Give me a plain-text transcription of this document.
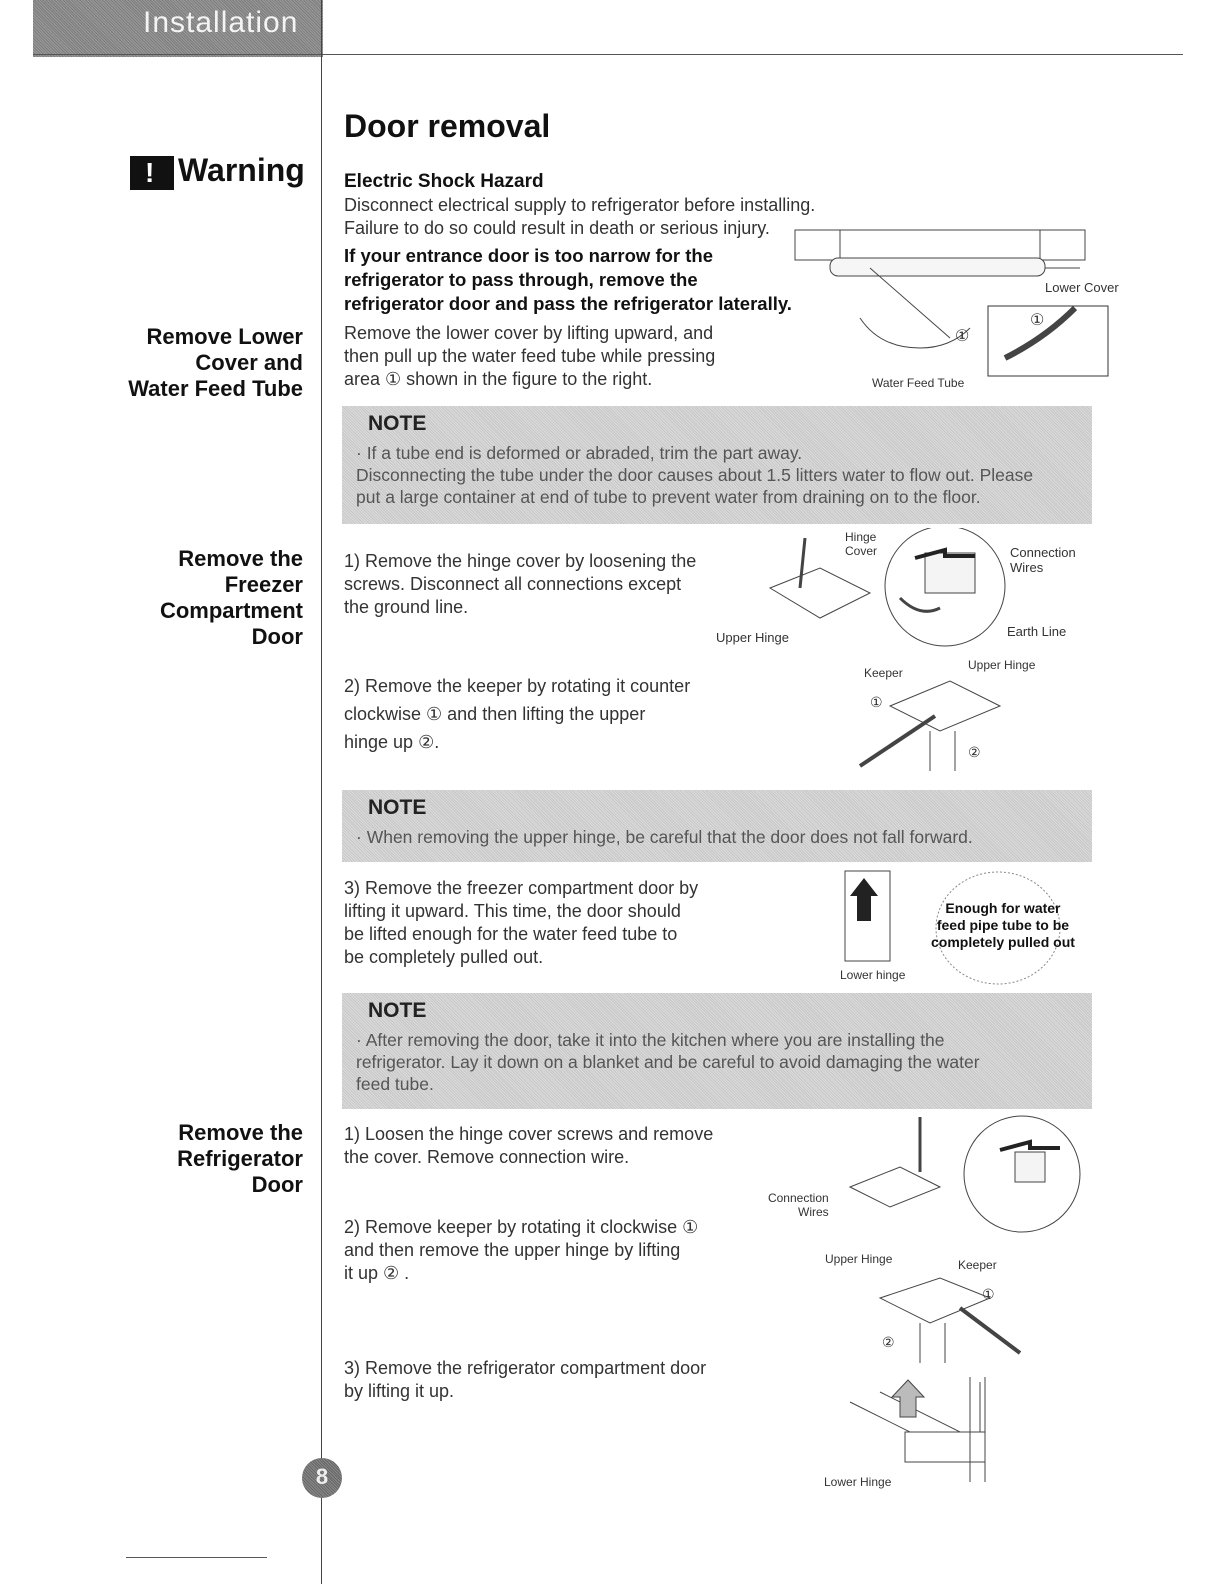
Installation
! Warning
Remove Lower
Cover and
Water Feed Tube
Remove the
Freezer
Compartment
Door
Remove the
Refrigerator
Door
Door removal
Electric Shock Hazard
Disconnect electrical supply to refrigerator before installing.
Failure to do so could result in death or serious injury.
If your entrance door is too narrow for the
refrigerator to pass through, remove the
refrigerator door and pass the refrigerator laterally.
Remove the lower cover by lifting upward, and
then pull up the water feed tube while pressing
area ① shown in the figure to the right.
Lower Cover
Water Feed Tube
①
①
NOTE
· If a tube end is deformed or abraded, trim the part away.
Disconnecting the tube under the door causes about 1.5 litters water to flow out. Please
put a large container at end of tube to prevent water from draining on to the floor.
1) Remove the hinge cover by loosening the
screws. Disconnect all connections except
the ground line.
Hinge
Cover	Connection
Wires
Earth Line
Upper Hinge
2) Remove the keeper by rotating it counter
clockwise ① and then lifting the upper
hinge up ②.
Keeper
Upper Hinge
①
②
NOTE
· When removing the upper hinge, be careful that the door does not fall forward.
3) Remove the freezer compartment door by
lifting it upward. This time, the door should
be lifted enough for the water feed tube to
be completely pulled out.
Enough for water
feed pipe tube to be
completely pulled out
Lower hinge
NOTE
· After removing the door, take it into the kitchen where you are installing the
refrigerator. Lay it down on a blanket and be careful to avoid damaging the water
feed tube.
1) Loosen the hinge cover screws and remove
the cover. Remove connection wire.
2) Remove keeper by rotating it clockwise ①
and then remove the upper hinge by lifting
it up ② .
3) Remove the refrigerator compartment door
by lifting it up.
Connection
Wires
Upper Hinge	Keeper
①
②
Lower Hinge
8
